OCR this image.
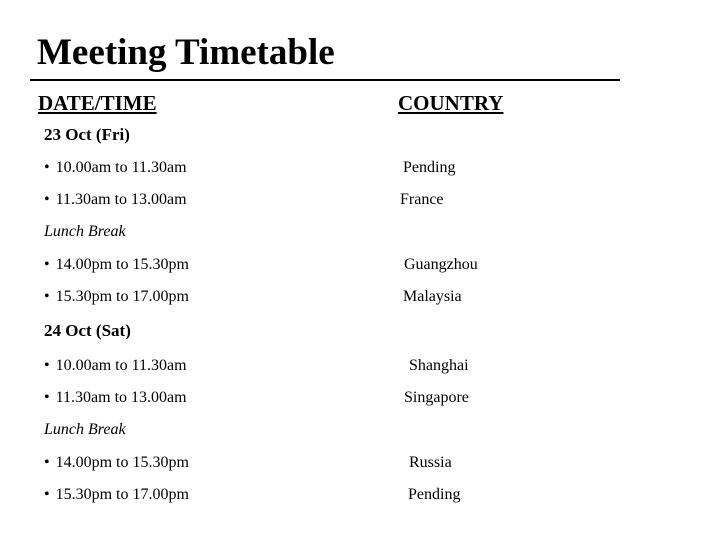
Meeting Timetable
DATE/TIME	COUNTRY
23 Oct (Fri)
• 10.00am to 11.30am	Pending
• 11.30am to 13.00am	France
Lunch Break
• 14.00pm to 15.30pm	Guangzhou
• 15.30pm to 17.00pm	Malaysia
24 Oct (Sat)
• 10.00am to 11.30am	Shanghai
• 11.30am to 13.00am	Singapore
Lunch Break
• 14.00pm to 15.30pm	Russia
• 15.30pm to 17.00pm	Pending
